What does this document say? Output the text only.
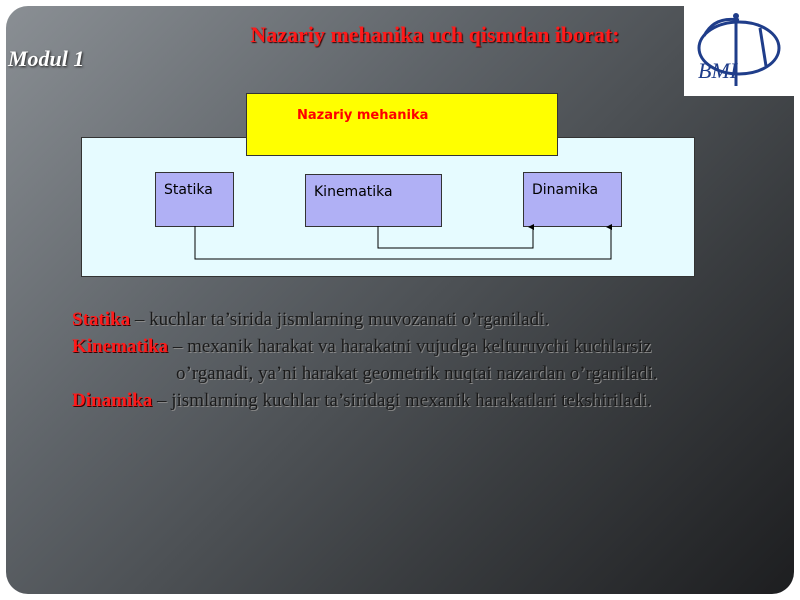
BMI
Nazariy mehanika uch qismdan iborat:
Modul 1
Nazariy mehanika
Statika	Kinematika	Dinamika

Statika – kuchlar ta’sirida jismlarning muvozanati o’rganiladi.

Kinematika – mexanik harakat va harakatni vujudga kelturuvchi kuchlarsiz

o’rganadi, ya’ni harakat geometrik nuqtai nazardan o’rganiladi.

Dinamika – jismlarning kuchlar ta’siridagi mexanik harakatlari tekshiriladi.
